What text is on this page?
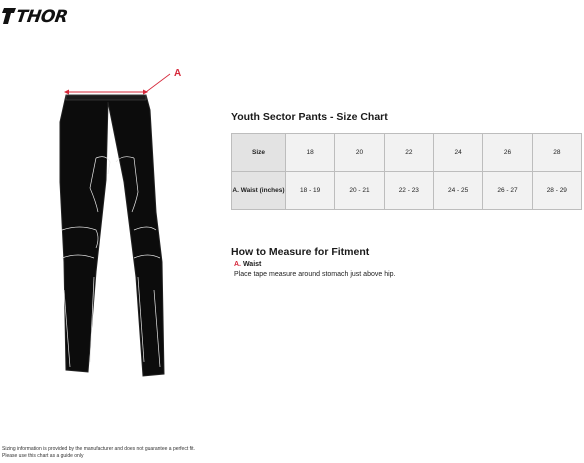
THOR
A
Youth Sector Pants - Size Chart
Size	18	20	22	24	26	28
A. Waist (inches)	18 - 19	20 - 21	22 - 23	24 - 25	26 - 27	28 - 29
How to Measure for Fitment
A. Waist
Place tape measure around stomach just above hip.
Sizing information is provided by the manufacturer and does not guarantee a perfect fit.
Please use this chart as a guide only
